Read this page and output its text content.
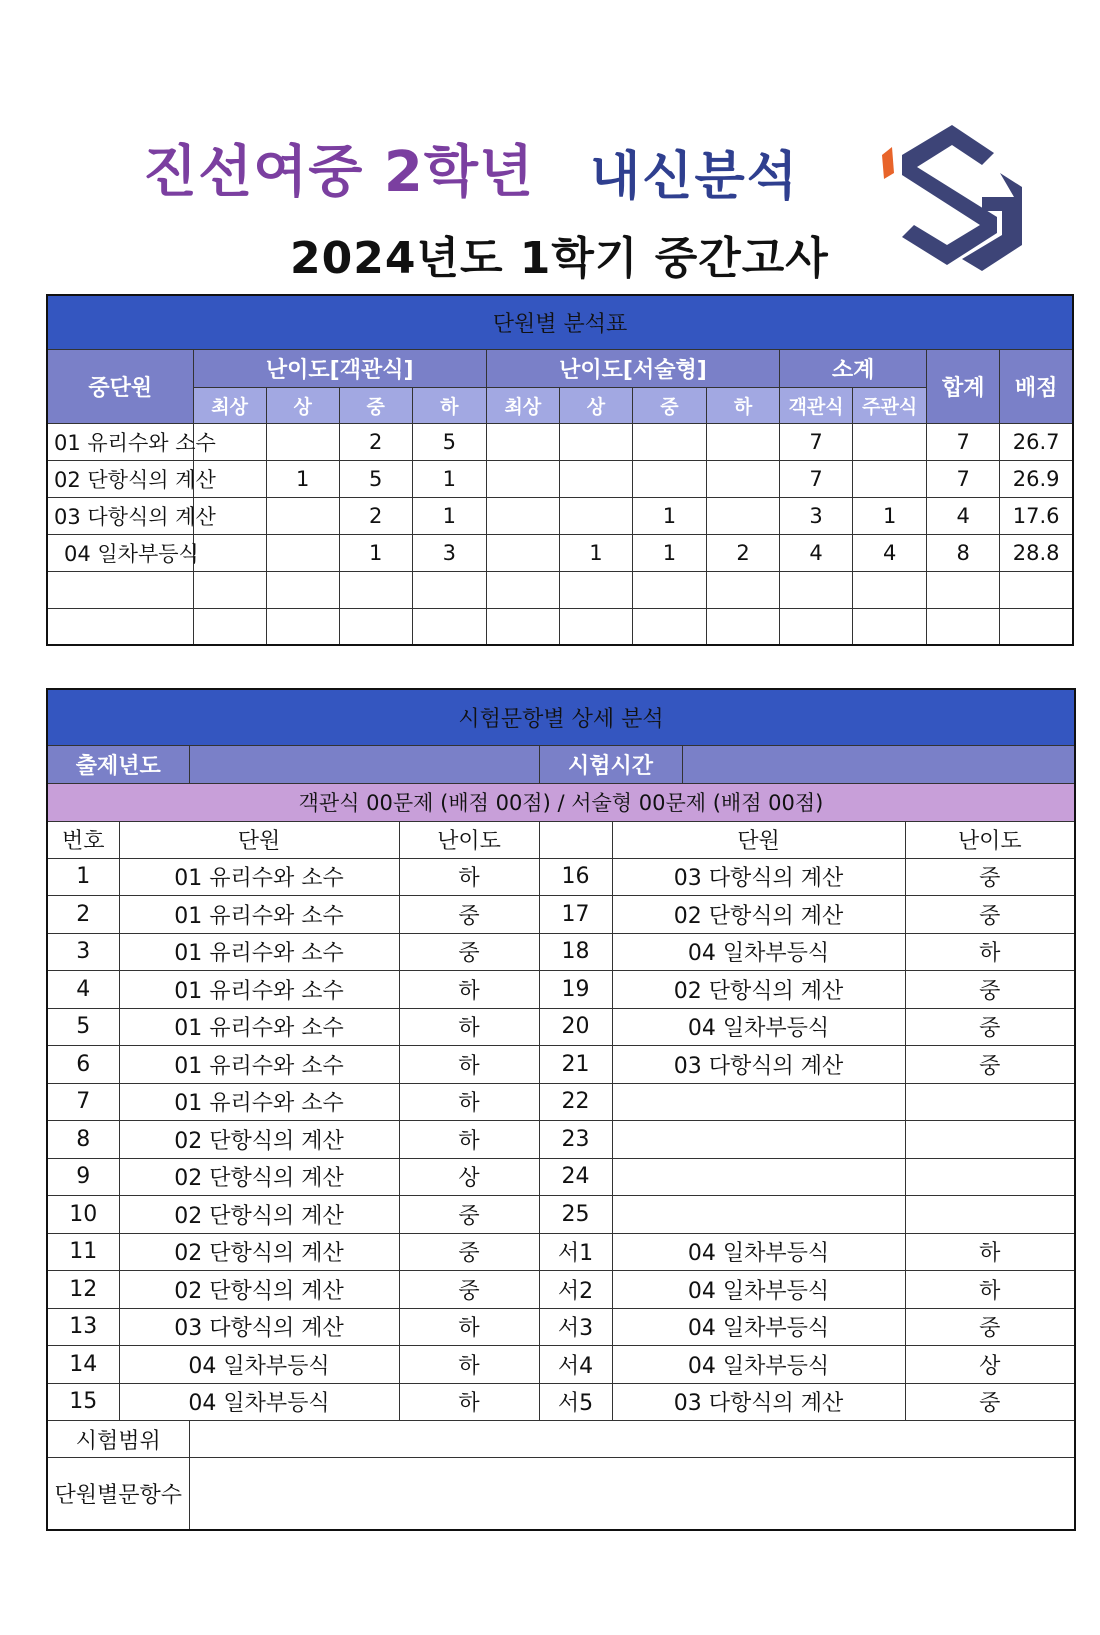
진선여중 2학년 내신분석
2024년도 1학기 중간고사
단원별 분석표												
중단원	난이도[객관식]				난이도[서술형]				소계		합계	배점
	최상	상	중	하	최상	상	중	하	객관식	주관식		
01 유리수와 소수			2	5					7		7	26.7
02 단항식의 계산		1	5	1					7		7	26.9
03 다항식의 계산			2	1			1		3	1	4	17.6
04 일차부등식			1	3		1	1	2	4	4	8	28.8

시험문항별 상세 분석							
출제년도				시험시간			
객관식 00문제 (배점 00점) / 서술형 00문제 (배점 00점)							
번호	단원		난이도		단원		난이도
1	01 유리수와 소수		하	16	03 다항식의 계산		중
2	01 유리수와 소수		중	17	02 단항식의 계산		중
3	01 유리수와 소수		중	18	04 일차부등식		하
4	01 유리수와 소수		하	19	02 단항식의 계산		중
5	01 유리수와 소수		하	20	04 일차부등식		중
6	01 유리수와 소수		하	21	03 다항식의 계산		중
7	01 유리수와 소수		하	22			
8	02 단항식의 계산		하	23			
9	02 단항식의 계산		상	24			
10	02 단항식의 계산		중	25			
11	02 단항식의 계산		중	서1	04 일차부등식		하
12	02 단항식의 계산		중	서2	04 일차부등식		하
13	03 다항식의 계산		하	서3	04 일차부등식		중
14	04 일차부등식		하	서4	04 일차부등식		상
15	04 일차부등식		하	서5	03 다항식의 계산		중
시험범위							
단원별문항수							
